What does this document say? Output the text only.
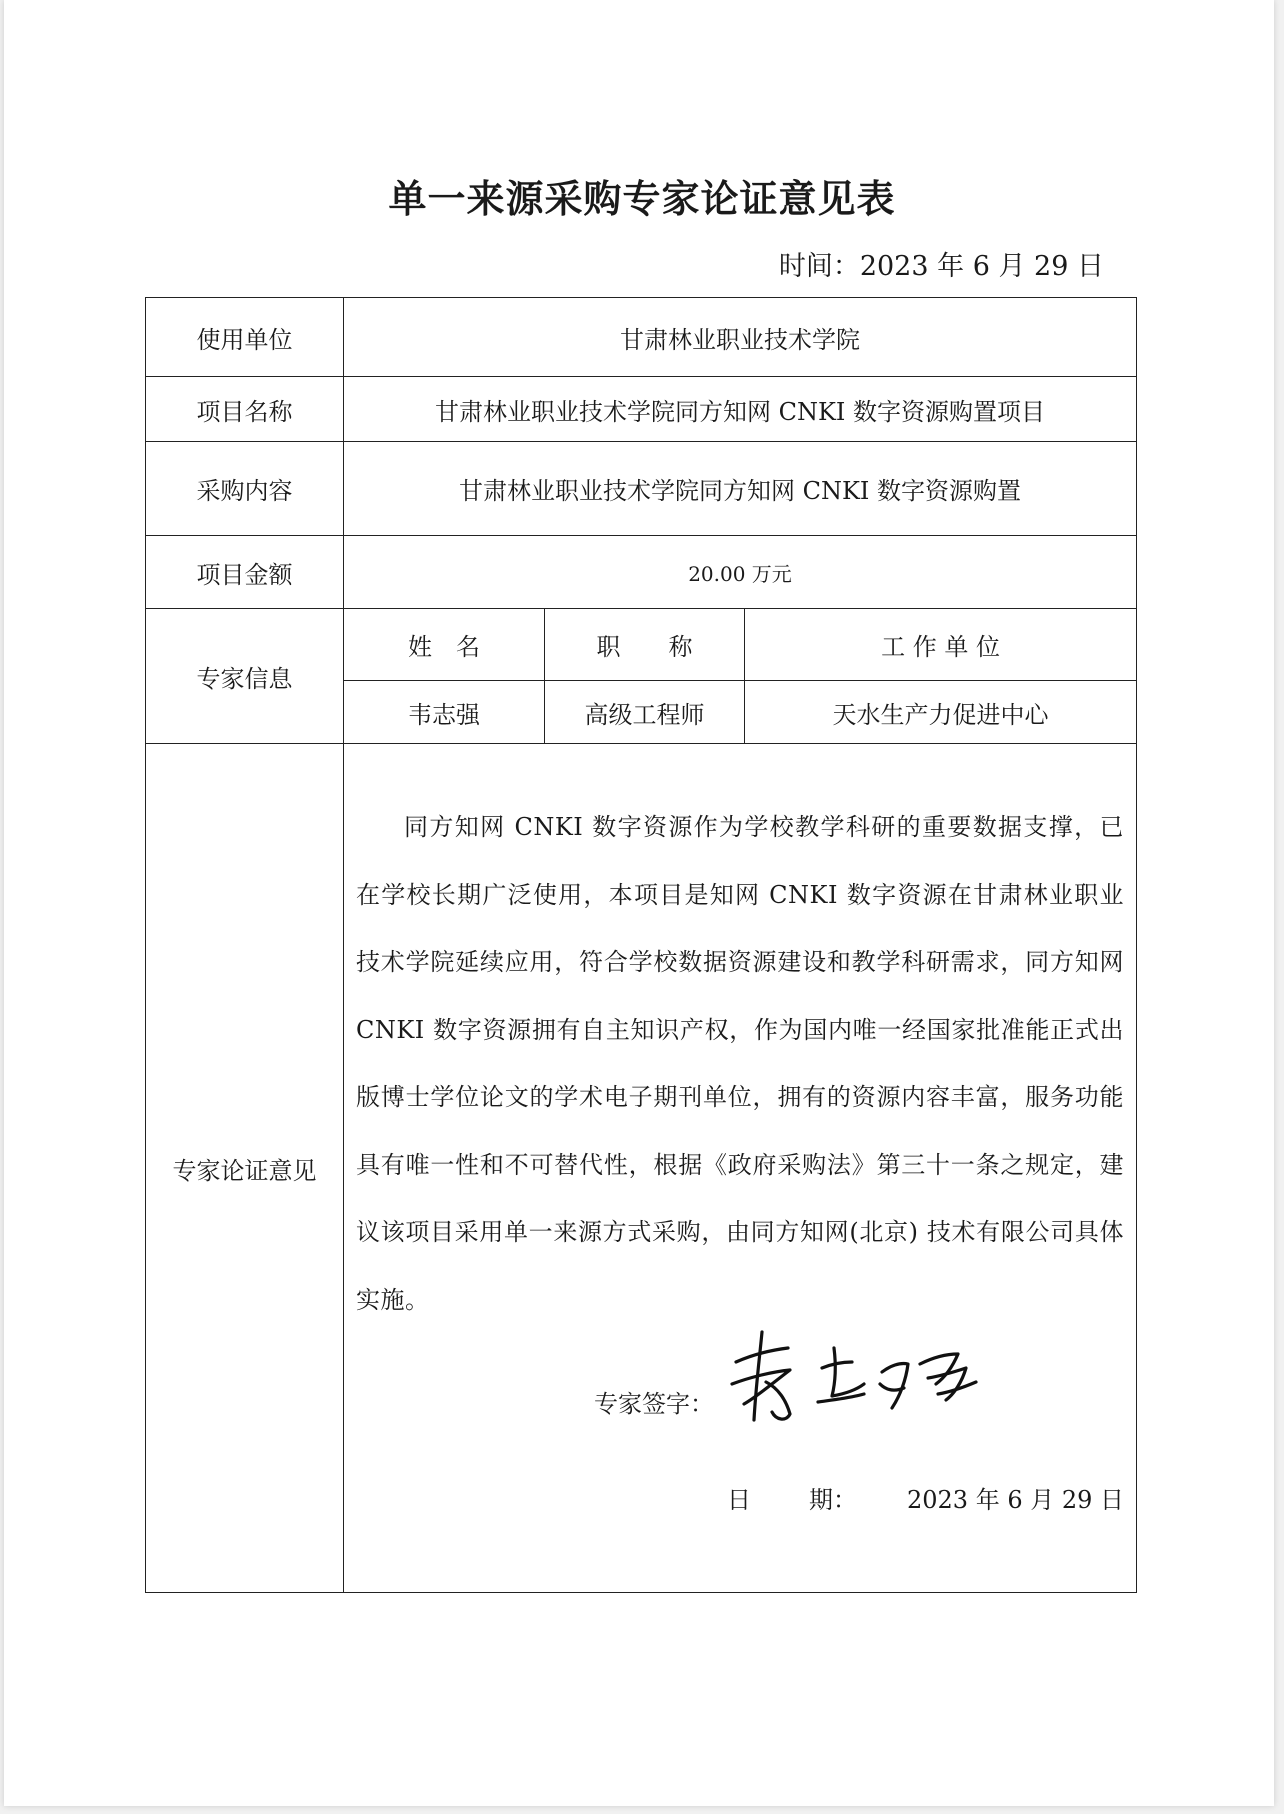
单一来源采购专家论证意见表
时间：2023 年 6 月 29 日
使用单位	甘肃林业职业技术学院		
项目名称	甘肃林业职业技术学院同方知网 CNKI 数字资源购置项目		
采购内容	甘肃林业职业技术学院同方知网 CNKI 数字资源购置		
项目金额	20.00 万元		
专家信息	姓　名	职　　称	工 作 单 位
	韦志强	高级工程师	天水生产力促进中心
专家论证意见	同方知网 CNKI 数字资源作为学校教学科研的重要数据支撑，已在学校长期广泛使用，本项目是知网 CNKI 数字资源在甘肃林业职业技术学院延续应用，符合学校数据资源建设和教学科研需求，同方知网 CNKI 数字资源拥有自主知识产权，作为国内唯一经国家批准能正式出版博士学位论文的学术电子期刊单位，拥有的资源内容丰富，服务功能具有唯一性和不可替代性，根据《政府采购法》第三十一条之规定，建议该项目采用单一来源方式采购，由同方知网(北京) 技术有限公司具体实施。
专家签字：
日 期： 2023 年 6 月 29 日		
